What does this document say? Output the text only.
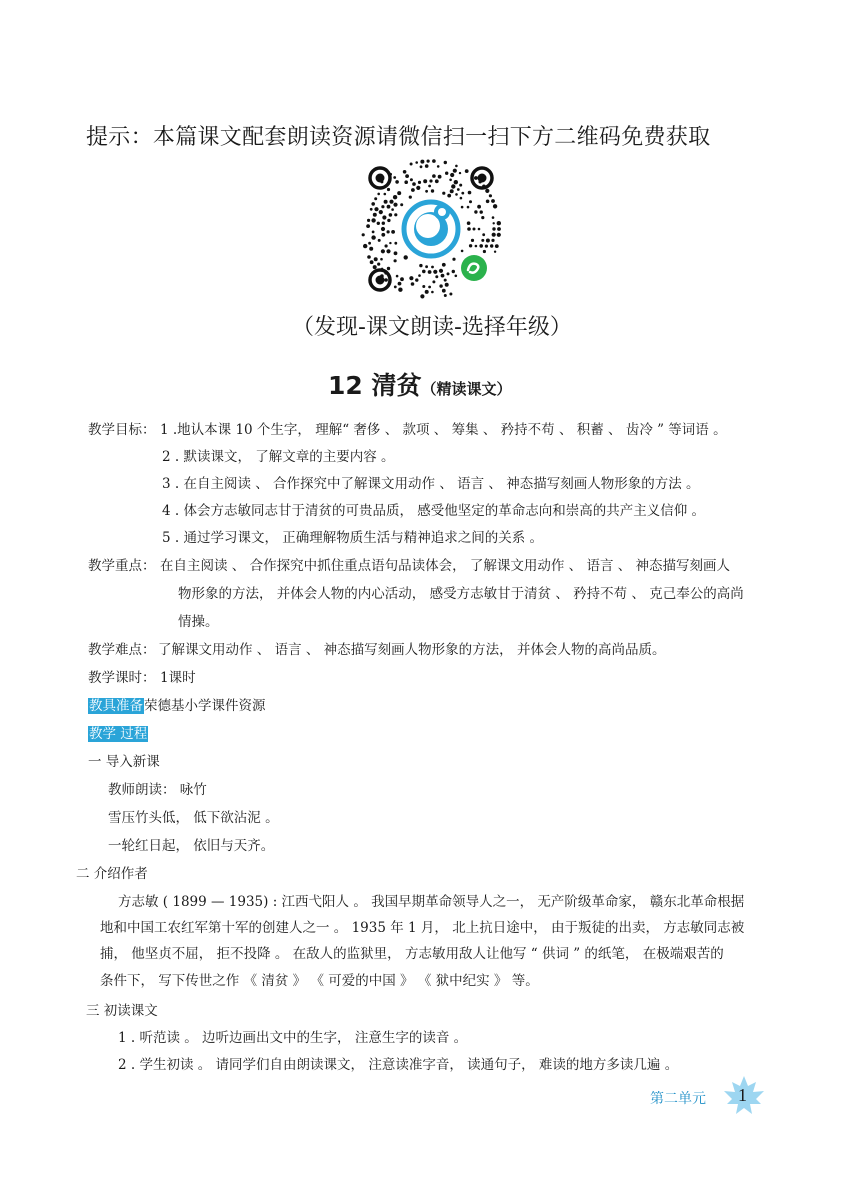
提示：本篇课文配套朗读资源请微信扫一扫下方二维码免费获取
（发现-课文朗读-选择年级）
12 清贫（精读课文）
教学目标： 1 .地认本课 10 个生字， 理解“ 奢侈 、 款项 、 筹集 、 矜持不苟 、 积蓄 、 齿冷 ” 等词语 。
2 . 默读课文， 了解文章的主要内容 。
3 . 在自主阅读 、 合作探究中了解课文用动作 、 语言 、 神态描写刻画人物形象的方法 。
4 . 体会方志敏同志甘于清贫的可贵品质， 感受他坚定的革命志向和崇高的共产主义信仰 。
5 . 通过学习课文， 正确理解物质生活与精神追求之间的关系 。
教学重点： 在自主阅读 、 合作探究中抓住重点语句品读体会， 了解课文用动作 、 语言 、 神态描写刻画人
物形象的方法， 并体会人物的内心活动， 感受方志敏甘于清贫 、 矜持不苟 、 克己奉公的高尚
情操。
教学难点： 了解课文用动作 、 语言 、 神态描写刻画人物形象的方法， 并体会人物的高尚品质。
教学课时： 1课时
教具准备荣德基小学课件资源
教学 过程
一 导入新课
教师朗读： 咏竹
雪压竹头低， 低下欲沾泥 。
一轮红日起， 依旧与天齐。
二 介绍作者
方志敏 ( 1899 — 1935) : 江西弋阳人 。 我国早期革命领导人之一， 无产阶级革命家， 赣东北革命根据
地和中国工农红军第十军的创建人之一 。 1935 年 1 月， 北上抗日途中， 由于叛徒的出卖， 方志敏同志被
捕， 他坚贞不屈， 拒不投降 。 在敌人的监狱里， 方志敏用敌人让他写 “ 供词 ” 的纸笔， 在极端艰苦的
条件下， 写下传世之作 《 清贫 》 《 可爱的中国 》 《 狱中纪实 》 等。
三 初读课文
1 . 听范读 。 边听边画出文中的生字， 注意生字的读音 。
2 . 学生初读 。 请同学们自由朗读课文， 注意读准字音， 读通句子， 难读的地方多读几遍 。
第二单元 1
